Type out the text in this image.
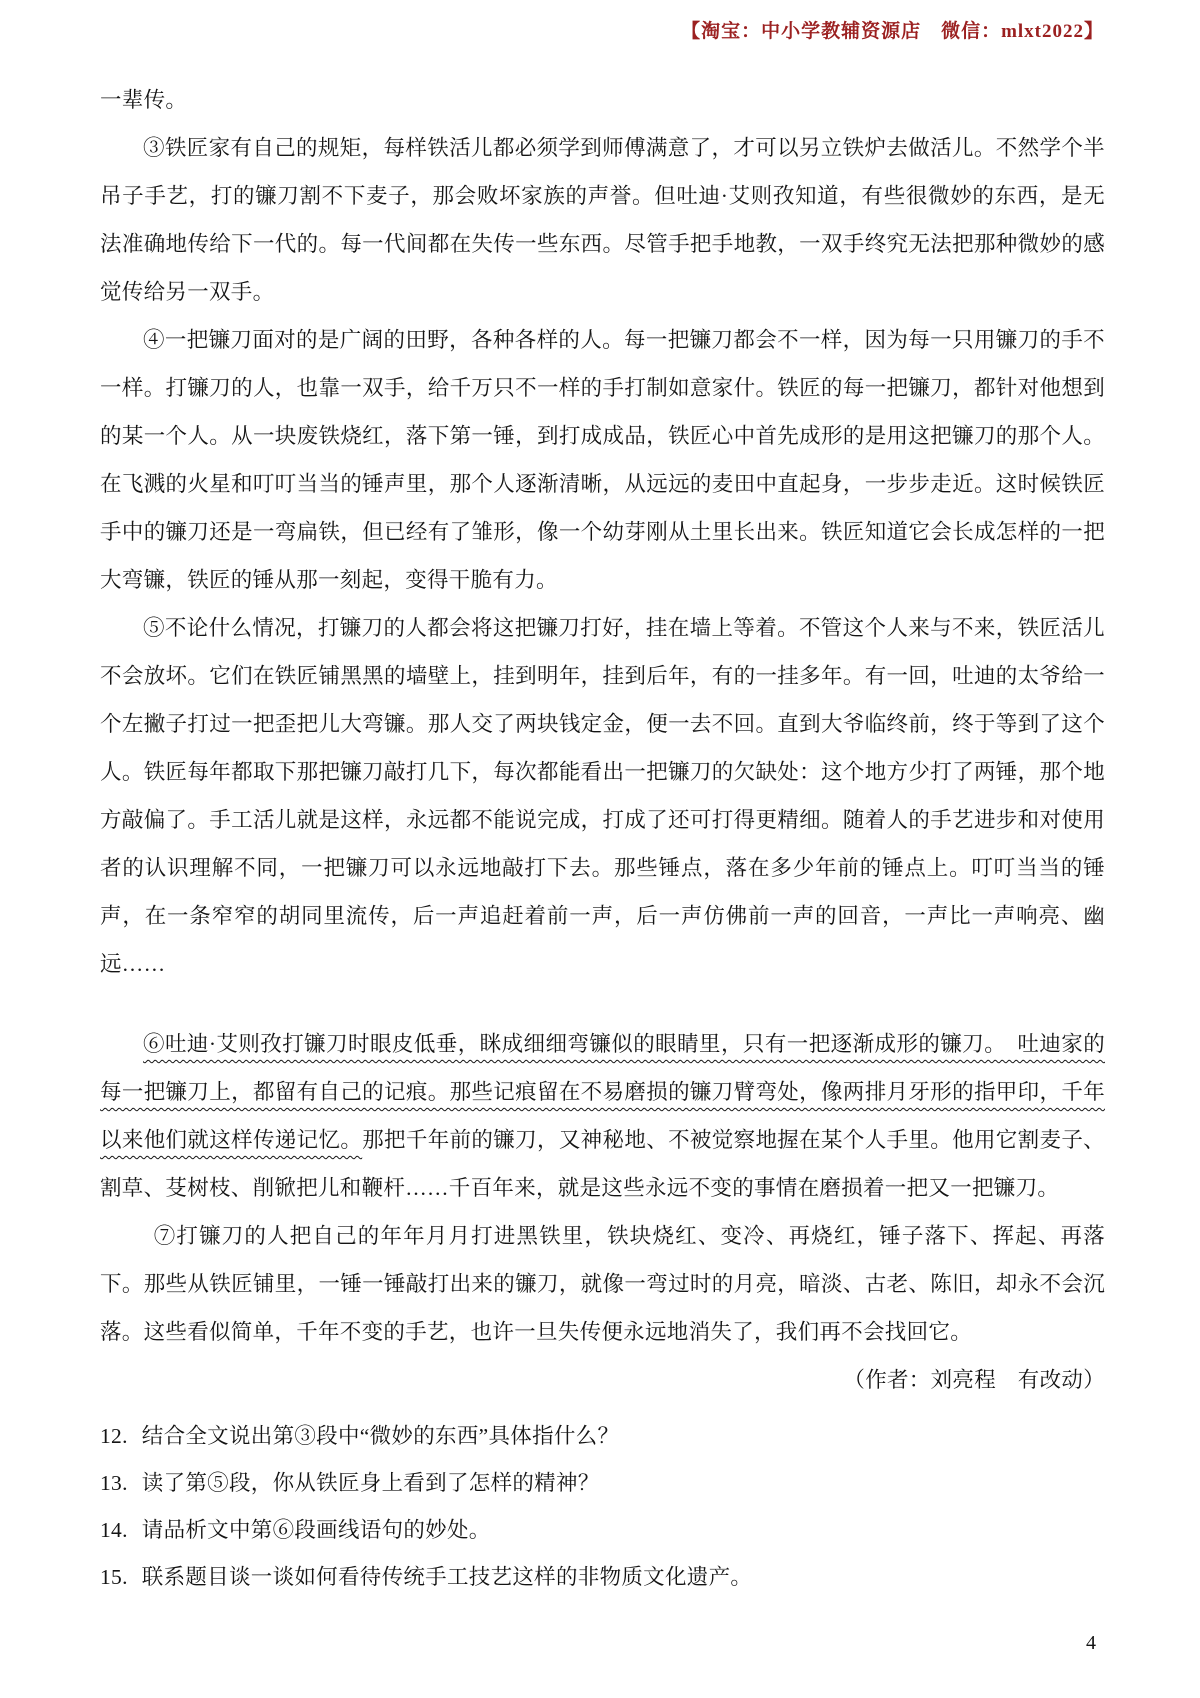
【淘宝：中小学教辅资源店　微信：mlxt2022】

一辈传。

③铁匠家有自己的规矩，每样铁活儿都必须学到师傅满意了，才可以另立铁炉去做活儿。不然学个半吊子手艺，打的镰刀割不下麦子，那会败坏家族的声誉。但吐迪·艾则孜知道，有些很微妙的东西，是无法准确地传给下一代的。每一代间都在失传一些东西。尽管手把手地教，一双手终究无法把那种微妙的感觉传给另一双手。

④一把镰刀面对的是广阔的田野，各种各样的人。每一把镰刀都会不一样，因为每一只用镰刀的手不一样。打镰刀的人，也靠一双手，给千万只不一样的手打制如意家什。铁匠的每一把镰刀，都针对他想到的某一个人。从一块废铁烧红，落下第一锤，到打成成品，铁匠心中首先成形的是用这把镰刀的那个人。在飞溅的火星和叮叮当当的锤声里，那个人逐渐清晰，从远远的麦田中直起身，一步步走近。这时候铁匠手中的镰刀还是一弯扁铁，但已经有了雏形，像一个幼芽刚从土里长出来。铁匠知道它会长成怎样的一把大弯镰，铁匠的锤从那一刻起，变得干脆有力。

⑤不论什么情况，打镰刀的人都会将这把镰刀打好，挂在墙上等着。不管这个人来与不来，铁匠活儿不会放坏。它们在铁匠铺黑黑的墙壁上，挂到明年，挂到后年，有的一挂多年。有一回，吐迪的太爷给一个左撇子打过一把歪把儿大弯镰。那人交了两块钱定金，便一去不回。直到大爷临终前，终于等到了这个人。铁匠每年都取下那把镰刀敲打几下，每次都能看出一把镰刀的欠缺处：这个地方少打了两锤，那个地方敲偏了。手工活儿就是这样，永远都不能说完成，打成了还可打得更精细。随着人的手艺进步和对使用者的认识理解不同，一把镰刀可以永远地敲打下去。那些锤点，落在多少年前的锤点上。叮叮当当的锤声，在一条窄窄的胡同里流传，后一声追赶着前一声，后一声仿佛前一声的回音，一声比一声响亮、幽远……

⑥吐迪·艾则孜打镰刀时眼皮低垂，眯成细细弯镰似的眼睛里，只有一把逐渐成形的镰刀。　吐迪家的每一把镰刀上，都留有自己的记痕。那些记痕留在不易磨损的镰刀臂弯处，像两排月牙形的指甲印，千年以来他们就这样传递记忆。那把千年前的镰刀，又神秘地、不被觉察地握在某个人手里。他用它割麦子、割草、芟树枝、削锨把儿和鞭杆……千百年来，就是这些永远不变的事情在磨损着一把又一把镰刀。

⑦打镰刀的人把自己的年年月月打进黑铁里，铁块烧红、变冷、再烧红，锤子落下、挥起、再落下。那些从铁匠铺里，一锤一锤敲打出来的镰刀，就像一弯过时的月亮，暗淡、古老、陈旧，却永不会沉落。这些看似简单，千年不变的手艺，也许一旦失传便永远地消失了，我们再不会找回它。

（作者：刘亮程　有改动）

12. 结合全文说出第③段中“微妙的东西”具体指什么？

13. 读了第⑤段，你从铁匠身上看到了怎样的精神？

14. 请品析文中第⑥段画线语句的妙处。

15. 联系题目谈一谈如何看待传统手工技艺这样的非物质文化遗产。

4
